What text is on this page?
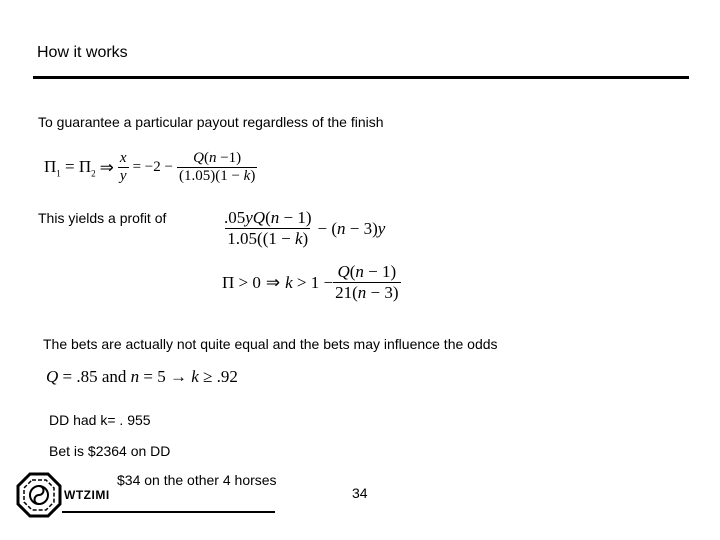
How it works
To guarantee a particular payout regardless of the finish
$\Pi_1 = \Pi_2$ ⇒ $\frac{x}{y} = -2 - \frac{Q(n -1)}{(1.05)(1 - k)}$
This yields a profit of	$\frac{.05yQ(n - 1)}{1.05((1 - k)} - (n - 3)y$
Π > 0 ⇒ $k > 1 - \frac{Q(n - 1)}{21(n - 3)}$
The bets are actually not quite equal and the bets may influence the odds
Q = .85 and n = 5 → k ≥ .92
DD had k= . 955
Bet is $2364 on DD
$34 on the other 4 horses
34
WTZIMI
